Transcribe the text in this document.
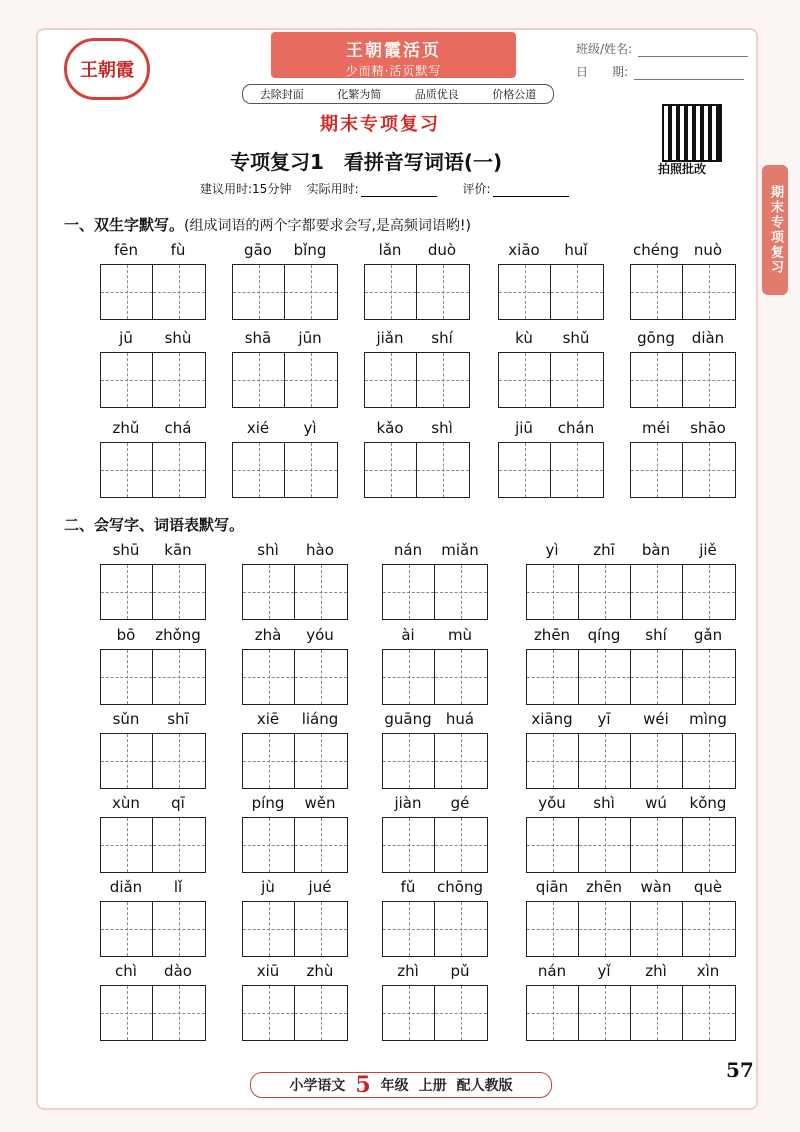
王朝霞
王朝霞活页
少而精·活页默写
去除封面	化繁为简	品质优良	价格公道
班级/姓名:
日　　期:
期末专项复习
专项复习1　看拼音写词语(一)
建议用时:15分钟 实际用时:	评价:
拍照批改
期末专项复习
一、双生字默写。(组成词语的两个字都要求会写,是高频词语哟!)
fēn	fù	gāo	bǐng	lǎn	duò	xiāo	huǐ	chéng nuò
jū	shù	shā	jūn	jiǎn	shí	kù	shǔ	gōng	diàn
zhǔ	chá	xié	yì	kǎo	shì	jiū	chán	méi	shāo
二、会写字、词语表默写。
shū	kān	shì	hào	nán	miǎn	yì	zhī	bàn	jiě
bō	zhǒng	zhà	yóu	ài	mù	zhēn	qíng	shí	gǎn
sǔn	shī	xiē	liáng	guāng huá	xiāng	yī	wéi	mìng
xùn	qī	píng	wěn	jiàn	gé	yǒu	shì	wú	kǒng
diǎn	lǐ	jù	jué	fǔ	chōng	qiān	zhēn	wàn	què
chì	dào	xiū	zhù	zhì	pǔ	nán	yǐ	zhì	xìn
小学语文 5 年级 上册 配人教版
57
